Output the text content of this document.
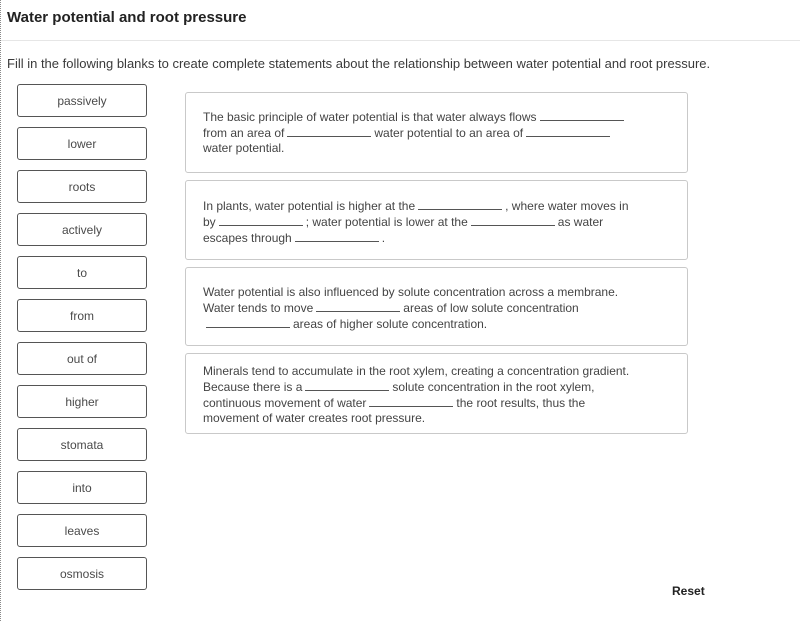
Water potential and root pressure
Fill in the following blanks to create complete statements about the relationship between water potential and root pressure.
passively
lower
roots
actively
to
from
out of
higher
stomata
into
leaves
osmosis
The basic principle of water potential is that water always flows
from an area of	water potential to an area of
water potential.
In plants, water potential is higher at the	, where water moves in
by	; water potential is lower at the	as water
escapes through	.
Water potential is also influenced by solute concentration across a membrane.
Water tends to move	areas of low solute concentration
areas of higher solute concentration.
Minerals tend to accumulate in the root xylem, creating a concentration gradient.
Because there is a	solute concentration in the root xylem,
continuous movement of water	the root results, thus the
movement of water creates root pressure.
Reset
